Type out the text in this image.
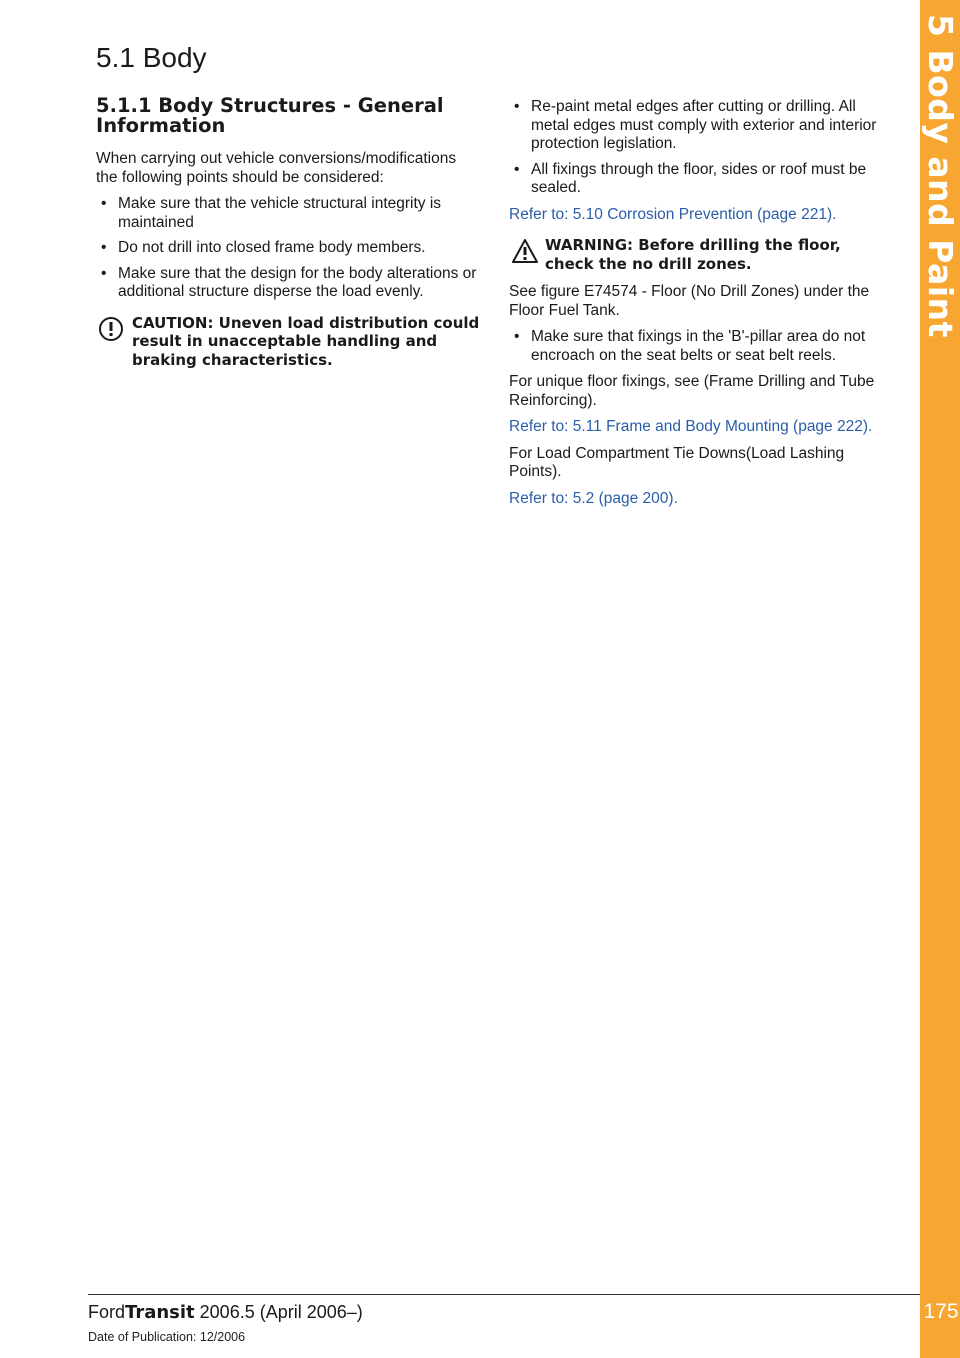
5 Body and Paint
175
5.1 Body
5.1.1 Body Structures - General Information

When carrying out vehicle conversions/modifications the following points should be considered:

• Make sure that the vehicle structural integrity is maintained
• Do not drill into closed frame body members.
• Make sure that the design for the body alterations or additional structure disperse the load evenly.
CAUTION: Uneven load distribution could result in unacceptable handling and braking characteristics.
• Re-paint metal edges after cutting or drilling. All metal edges must comply with exterior and interior protection legislation.
• All fixings through the floor, sides or roof must be sealed.

Refer to: 5.10 Corrosion Prevention (page 221).

WARNING: Before drilling the floor, check the no drill zones.

See figure E74574 - Floor (No Drill Zones) under the Floor Fuel Tank.

• Make sure that fixings in the 'B'-pillar area do not encroach on the seat belts or seat belt reels.

For unique floor fixings, see (Frame Drilling and Tube Reinforcing).

Refer to: 5.11 Frame and Body Mounting (page 222).

For Load Compartment Tie Downs(Load Lashing Points).

Refer to: 5.2 (page 200).

FordTransit 2006.5 (April 2006–)
Date of Publication: 12/2006
